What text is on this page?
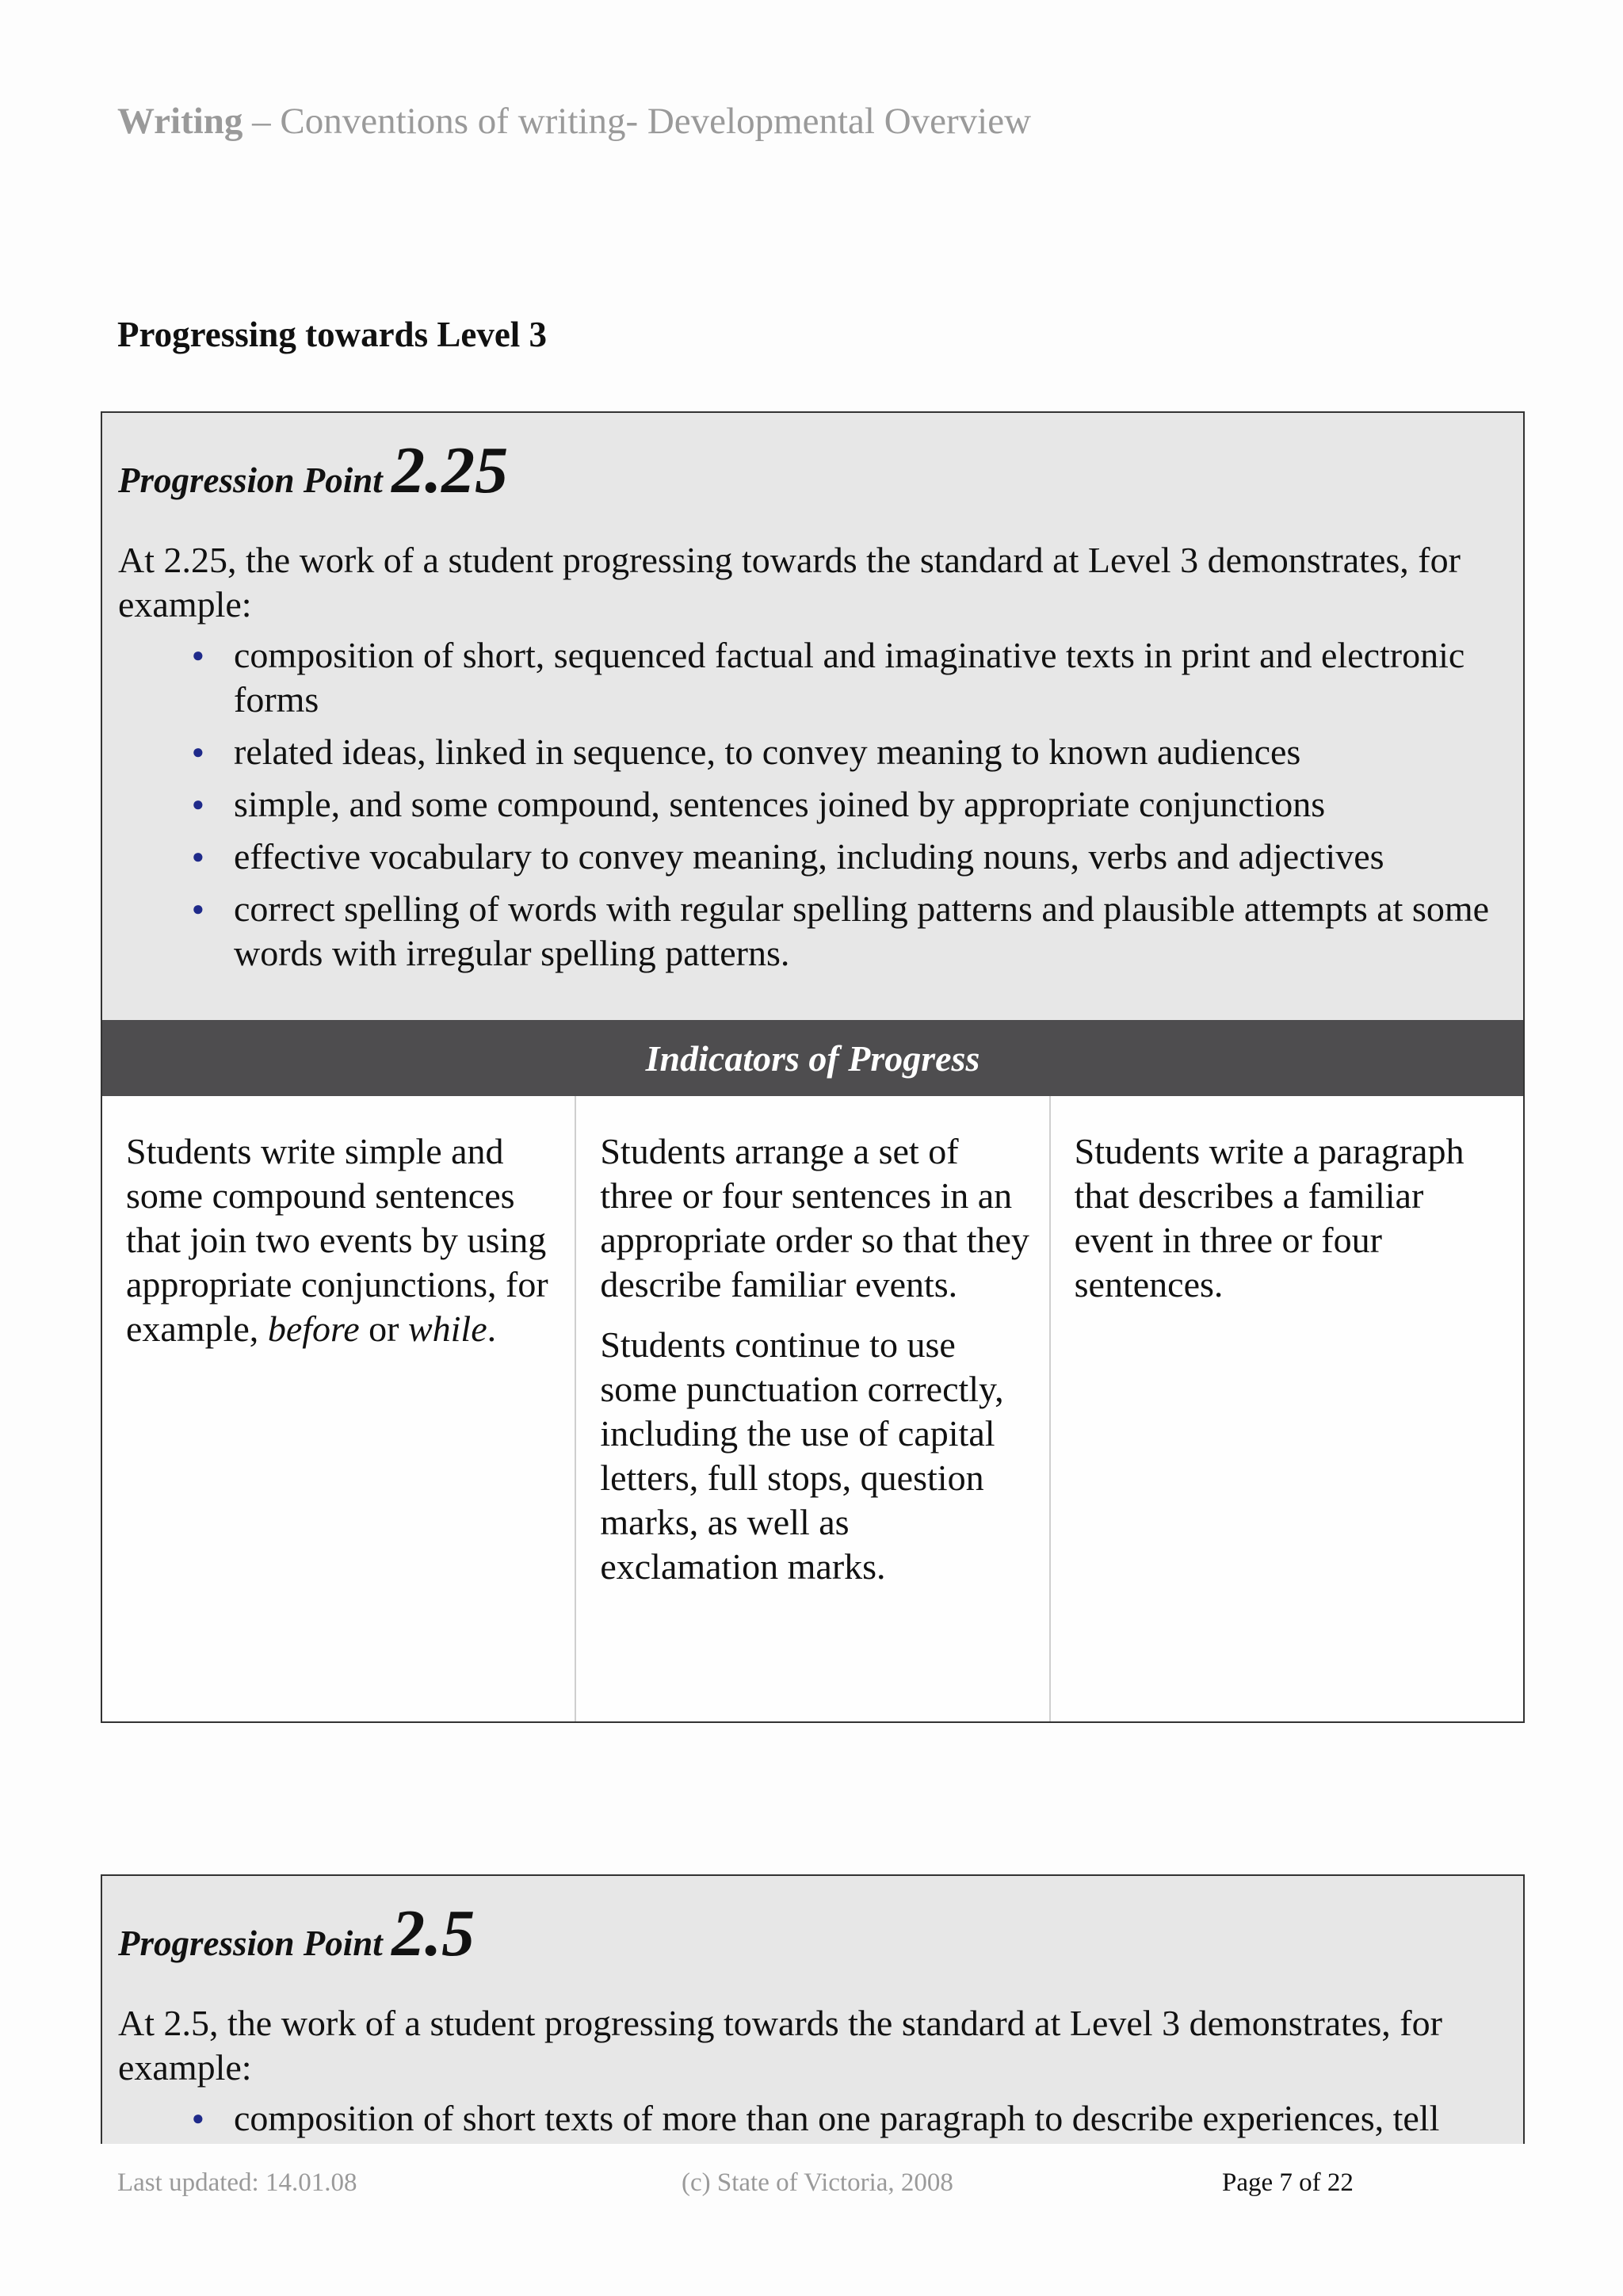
Writing – Conventions of writing- Developmental Overview
Progressing towards Level 3
Progression Point 2.25
At 2.25, the work of a student progressing towards the standard at Level 3 demonstrates, for example:
● composition of short, sequenced factual and imaginative texts in print and electronic forms
● related ideas, linked in sequence, to convey meaning to known audiences
● simple, and some compound, sentences joined by appropriate conjunctions
● effective vocabulary to convey meaning, including nouns, verbs and adjectives
● correct spelling of words with regular spelling patterns and plausible attempts at some words with irregular spelling patterns.
Indicators of Progress

Students write simple and some compound sentences that join two events by using appropriate conjunctions, for example, before or while.

Students arrange a set of three or four sentences in an appropriate order so that they describe familiar events.

Students continue to use some punctuation correctly, including the use of capital letters, full stops, question marks, as well as exclamation marks.

Students write a paragraph that describes a familiar event in three or four sentences.

Progression Point 2.5
At 2.5, the work of a student progressing towards the standard at Level 3 demonstrates, for example:
● composition of short texts of more than one paragraph to describe experiences, tell
Last updated: 14.01.08	(c) State of Victoria, 2008	Page 7 of 22
